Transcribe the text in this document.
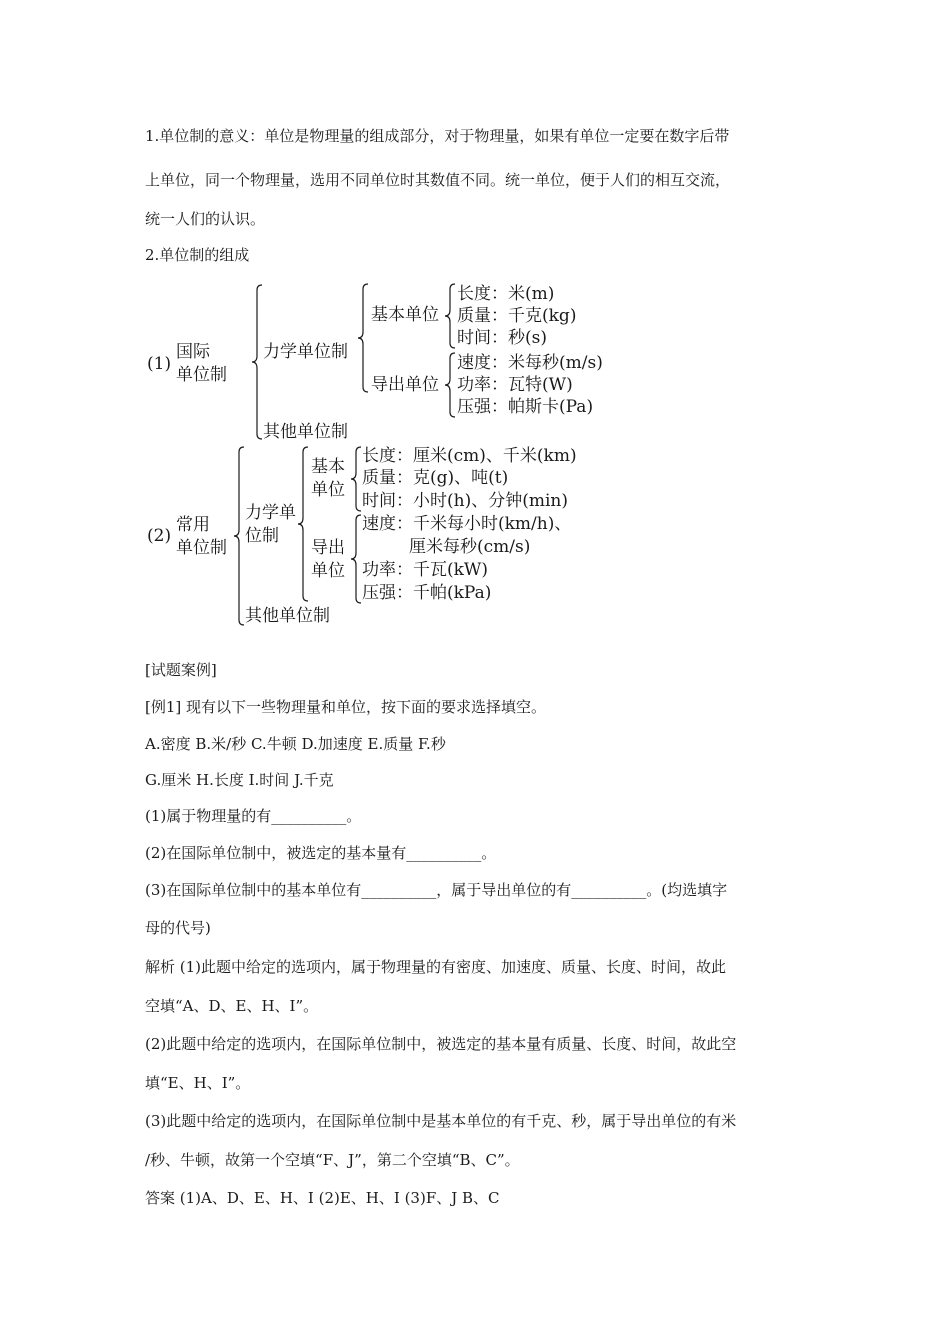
1.单位制的意义：单位是物理量的组成部分，对于物理量，如果有单位一定要在数字后带
上单位，同一个物理量，选用不同单位时其数值不同。统一单位，便于人们的相互交流，
统一人们的认识。
2.单位制的组成
(1)
国际
单位制
力学单位制
基本单位
长度：米(m)
质量：千克(kg)
时间：秒(s)
导出单位
速度：米每秒(m/s)
功率：瓦特(W)
压强：帕斯卡(Pa)
其他单位制
(2)
常用
单位制
力学单
位制
基本
单位
长度：厘米(cm)、千米(km)
质量：克(g)、吨(t)
时间：小时(h)、分钟(min)
导出
单位
速度：千米每小时(km/h)、
厘米每秒(cm/s)
功率：千瓦(kW)
压强：千帕(kPa)
其他单位制
[试题案例]
[例1] 现有以下一些物理量和单位，按下面的要求选择填空。
A.密度 B.米/秒 C.牛顿 D.加速度 E.质量 F.秒
G.厘米 H.长度 I.时间 J.千克
(1)属于物理量的有__________。
(2)在国际单位制中，被选定的基本量有__________。
(3)在国际单位制中的基本单位有__________，属于导出单位的有__________。(均选填字
母的代号)
解析 (1)此题中给定的选项内，属于物理量的有密度、加速度、质量、长度、时间，故此
空填“A、D、E、H、I”。
(2)此题中给定的选项内，在国际单位制中，被选定的基本量有质量、长度、时间，故此空
填“E、H、I”。
(3)此题中给定的选项内，在国际单位制中是基本单位的有千克、秒，属于导出单位的有米
/秒、牛顿，故第一个空填“F、J”，第二个空填“B、C”。
答案 (1)A、D、E、H、I (2)E、H、I (3)F、J B、C
